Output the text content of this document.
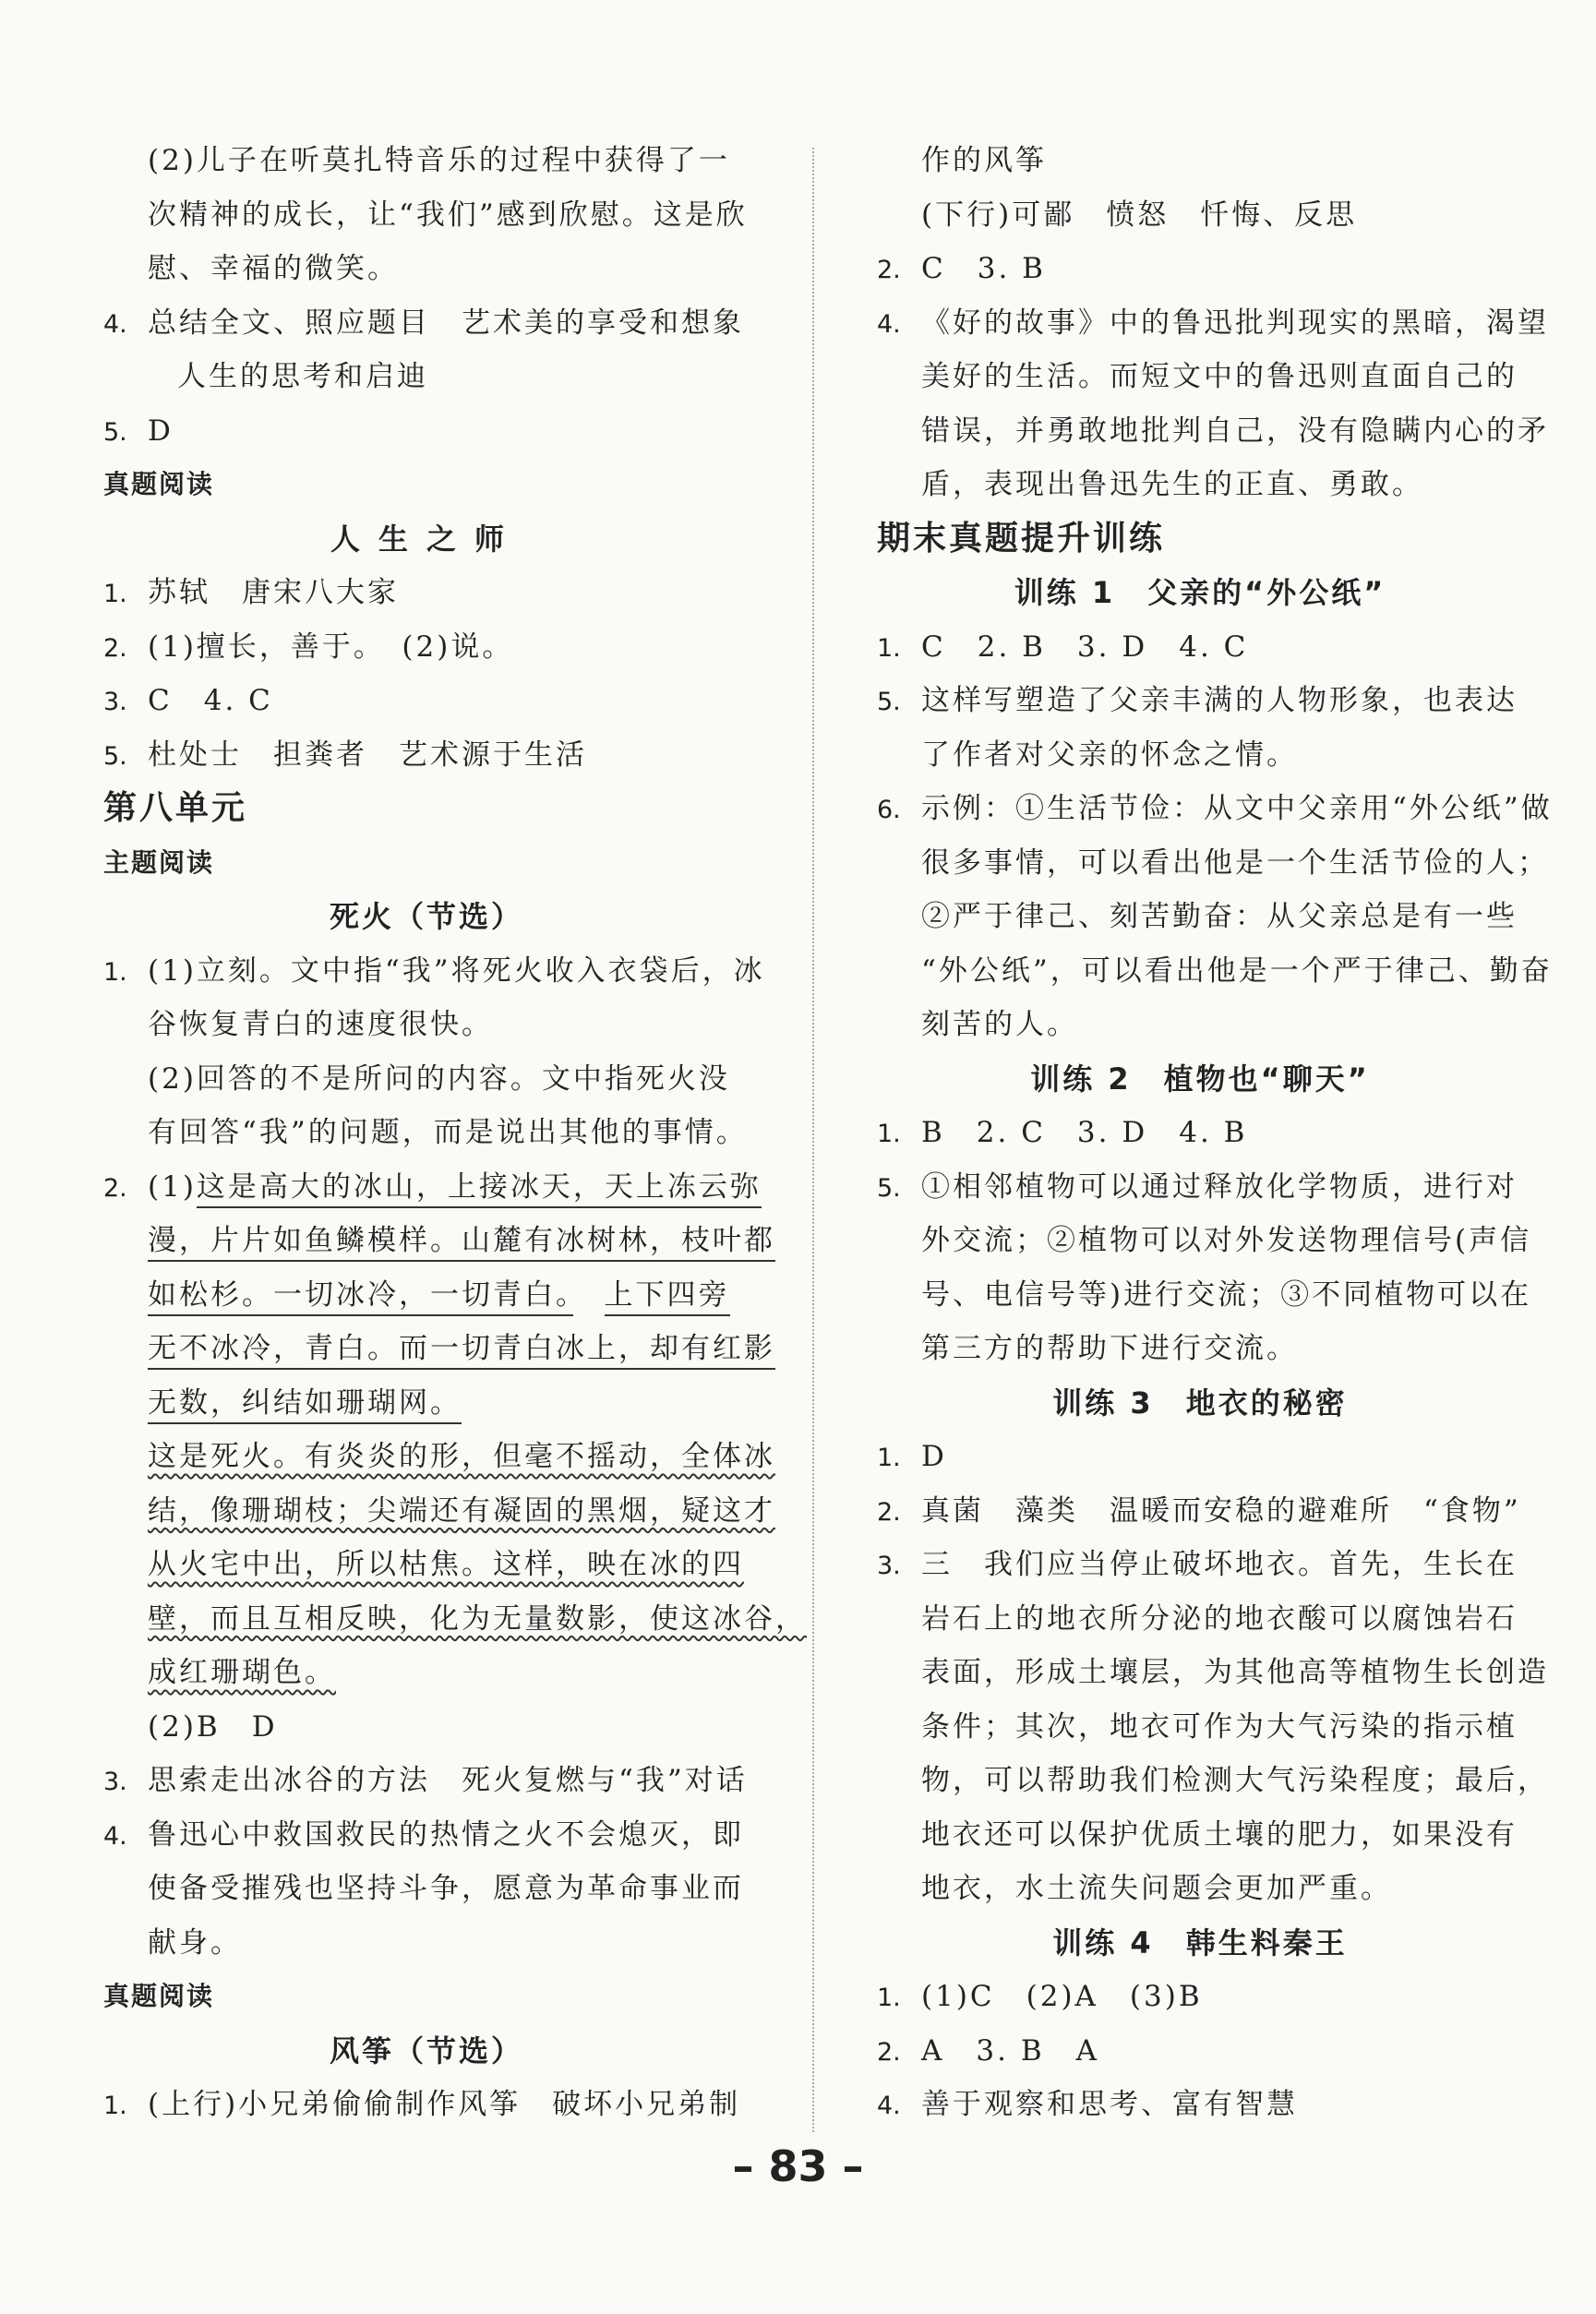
(2)儿子在听莫扎特音乐的过程中获得了一
次精神的成长，让“我们”感到欣慰。这是欣
慰、幸福的微笑。
4. 总结全文、照应题目　艺术美的享受和想象
人生的思考和启迪
5. D
真题阅读
人生之师
1. 苏轼　唐宋八大家
2. (1)擅长，善于。　(2)说。
3. C　4. C
5. 杜处士　担粪者　艺术源于生活
第八单元
主题阅读
死火（节选）
1. (1)立刻。文中指“我”将死火收入衣袋后，冰
谷恢复青白的速度很快。
(2)回答的不是所问的内容。文中指死火没
有回答“我”的问题，而是说出其他的事情。
2. (1)这是高大的冰山，上接冰天，天上冻云弥
漫，片片如鱼鳞模样。山麓有冰树林，枝叶都
如松杉。一切冰冷，一切青白。　 上下四旁
无不冰冷，青白。而一切青白冰上，却有红影
无数，纠结如珊瑚网。
这是死火。有炎炎的形，但毫不摇动，全体冰
结，像珊瑚枝；尖端还有凝固的黑烟，疑这才
从火宅中出，所以枯焦。这样，映在冰的四
壁，而且互相反映，化为无量数影，使这冰谷，
成红珊瑚色。
(2)B　D
3. 思索走出冰谷的方法　死火复燃与“我”对话
4. 鲁迅心中救国救民的热情之火不会熄灭，即
使备受摧残也坚持斗争，愿意为革命事业而
献身。
真题阅读
风筝（节选）
1. (上行)小兄弟偷偷制作风筝　破坏小兄弟制
作的风筝
(下行)可鄙　愤怒　忏悔、反思
2. C　3. B
4. 《好的故事》中的鲁迅批判现实的黑暗，渴望
美好的生活。而短文中的鲁迅则直面自己的
错误，并勇敢地批判自己，没有隐瞒内心的矛
盾，表现出鲁迅先生的正直、勇敢。
期末真题提升训练
训练 1　父亲的“外公纸”
1. C　2. B　3. D　4. C
5. 这样写塑造了父亲丰满的人物形象，也表达
了作者对父亲的怀念之情。
6. 示例：①生活节俭：从文中父亲用“外公纸”做
很多事情，可以看出他是一个生活节俭的人；
②严于律己、刻苦勤奋：从父亲总是有一些
“外公纸”，可以看出他是一个严于律己、勤奋
刻苦的人。
训练 2　植物也“聊天”
1. B　2. C　3. D　4. B
5. ①相邻植物可以通过释放化学物质，进行对
外交流；②植物可以对外发送物理信号(声信
号、电信号等)进行交流；③不同植物可以在
第三方的帮助下进行交流。
训练 3　地衣的秘密
1. D
2. 真菌　藻类　温暖而安稳的避难所　“食物”
3. 三　我们应当停止破坏地衣。首先，生长在
岩石上的地衣所分泌的地衣酸可以腐蚀岩石
表面，形成土壤层，为其他高等植物生长创造
条件；其次，地衣可作为大气污染的指示植
物，可以帮助我们检测大气污染程度；最后，
地衣还可以保护优质土壤的肥力，如果没有
地衣，水土流失问题会更加严重。
训练 4　韩生料秦王
1. (1)C　(2)A　(3)B
2. A　3. B　A
4. 善于观察和思考、富有智慧
– 83 –
